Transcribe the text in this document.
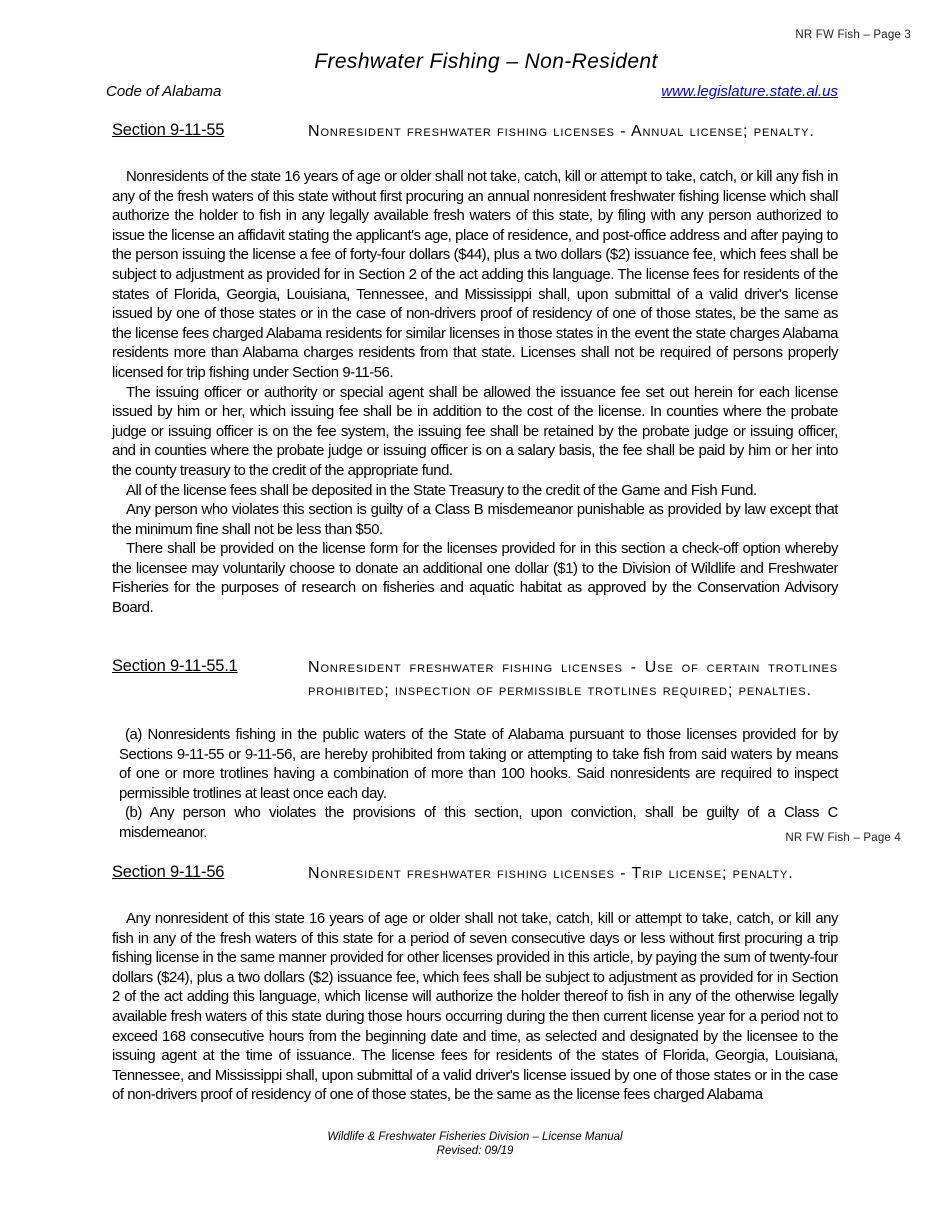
NR FW Fish – Page 3
Freshwater Fishing – Non-Resident
Code of Alabama	www.legislature.state.al.us
Section 9-11-55	Nonresident freshwater fishing licenses - Annual license; penalty.

Nonresidents of the state 16 years of age or older shall not take, catch, kill or attempt to take, catch, or kill any fish in any of the fresh waters of this state without first procuring an annual nonresident freshwater fishing license which shall authorize the holder to fish in any legally available fresh waters of this state, by filing with any person authorized to issue the license an affidavit stating the applicant's age, place of residence, and post-office address and after paying to the person issuing the license a fee of forty-four dollars ($44), plus a two dollars ($2) issuance fee, which fees shall be subject to adjustment as provided for in Section 2 of the act adding this language. The license fees for residents of the states of Florida, Georgia, Louisiana, Tennessee, and Mississippi shall, upon submittal of a valid driver's license issued by one of those states or in the case of non-drivers proof of residency of one of those states, be the same as the license fees charged Alabama residents for similar licenses in those states in the event the state charges Alabama residents more than Alabama charges residents from that state. Licenses shall not be required of persons properly licensed for trip fishing under Section 9-11-56.

The issuing officer or authority or special agent shall be allowed the issuance fee set out herein for each license issued by him or her, which issuing fee shall be in addition to the cost of the license. In counties where the probate judge or issuing officer is on the fee system, the issuing fee shall be retained by the probate judge or issuing officer, and in counties where the probate judge or issuing officer is on a salary basis, the fee shall be paid by him or her into the county treasury to the credit of the appropriate fund.

All of the license fees shall be deposited in the State Treasury to the credit of the Game and Fish Fund.

Any person who violates this section is guilty of a Class B misdemeanor punishable as provided by law except that the minimum fine shall not be less than $50.

There shall be provided on the license form for the licenses provided for in this section a check-off option whereby the licensee may voluntarily choose to donate an additional one dollar ($1) to the Division of Wildlife and Freshwater Fisheries for the purposes of research on fisheries and aquatic habitat as approved by the Conservation Advisory Board.

Section 9-11-55.1	Nonresident freshwater fishing licenses - Use of certain trotlines prohibited; inspection of permissible trotlines required; penalties.

(a) Nonresidents fishing in the public waters of the State of Alabama pursuant to those licenses provided for by Sections 9-11-55 or 9-11-56, are hereby prohibited from taking or attempting to take fish from said waters by means of one or more trotlines having a combination of more than 100 hooks. Said nonresidents are required to inspect permissible trotlines at least once each day.

(b) Any person who violates the provisions of this section, upon conviction, shall be guilty of a Class C misdemeanor.	NR FW Fish – Page 4
Section 9-11-56	Nonresident freshwater fishing licenses - Trip license; penalty.

Any nonresident of this state 16 years of age or older shall not take, catch, kill or attempt to take, catch, or kill any fish in any of the fresh waters of this state for a period of seven consecutive days or less without first procuring a trip fishing license in the same manner provided for other licenses provided in this article, by paying the sum of twenty-four dollars ($24), plus a two dollars ($2) issuance fee, which fees shall be subject to adjustment as provided for in Section 2 of the act adding this language, which license will authorize the holder thereof to fish in any of the otherwise legally available fresh waters of this state during those hours occurring during the then current license year for a period not to exceed 168 consecutive hours from the beginning date and time, as selected and designated by the licensee to the issuing agent at the time of issuance. The license fees for residents of the states of Florida, Georgia, Louisiana, Tennessee, and Mississippi shall, upon submittal of a valid driver's license issued by one of those states or in the case of non-drivers proof of residency of one of those states, be the same as the license fees charged Alabama

Wildlife & Freshwater Fisheries Division – License Manual
Revised: 09/19
